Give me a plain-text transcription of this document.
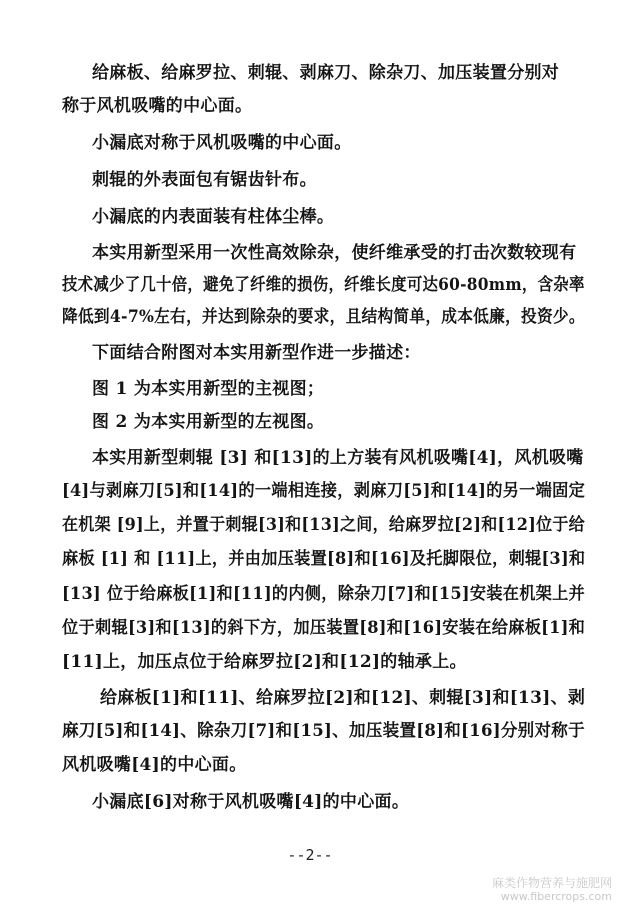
给麻板、给麻罗拉、刺辊、剥麻刀、除杂刀、加压装置分别对
称于风机吸嘴的中心面。
小漏底对称于风机吸嘴的中心面。
刺辊的外表面包有锯齿针布。
小漏底的内表面装有柱体尘棒。
本实用新型采用一次性高效除杂，使纤维承受的打击次数较现有
技术减少了几十倍，避免了纤维的损伤，纤维长度可达60-80mm，含杂率
降低到4-7%左右，并达到除杂的要求，且结构简单，成本低廉，投资少。
下面结合附图对本实用新型作进一步描述：
图 1 为本实用新型的主视图；
图 2 为本实用新型的左视图。
本实用新型刺辊 [3] 和[13]的上方装有风机吸嘴[4]，风机吸嘴
[4]与剥麻刀[5]和[14]的一端相连接，剥麻刀[5]和[14]的另一端固定
在机架 [9]上，并置于刺辊[3]和[13]之间，给麻罗拉[2]和[12]位于给
麻板 [1] 和 [11]上，并由加压装置[8]和[16]及托脚限位，刺辊[3]和
[13] 位于给麻板[1]和[11]的内侧，除杂刀[7]和[15]安装在机架上并
位于刺辊[3]和[13]的斜下方，加压装置[8]和[16]安装在给麻板[1]和
[11]上，加压点位于给麻罗拉[2]和[12]的轴承上。
给麻板[1]和[11]、给麻罗拉[2]和[12]、刺辊[3]和[13]、剥
麻刀[5]和[14]、除杂刀[7]和[15]、加压装置[8]和[16]分别对称于
风机吸嘴[4]的中心面。
小漏底[6]对称于风机吸嘴[4]的中心面。
--2--
麻类作物营养与施肥网
www.fibercrops.com
